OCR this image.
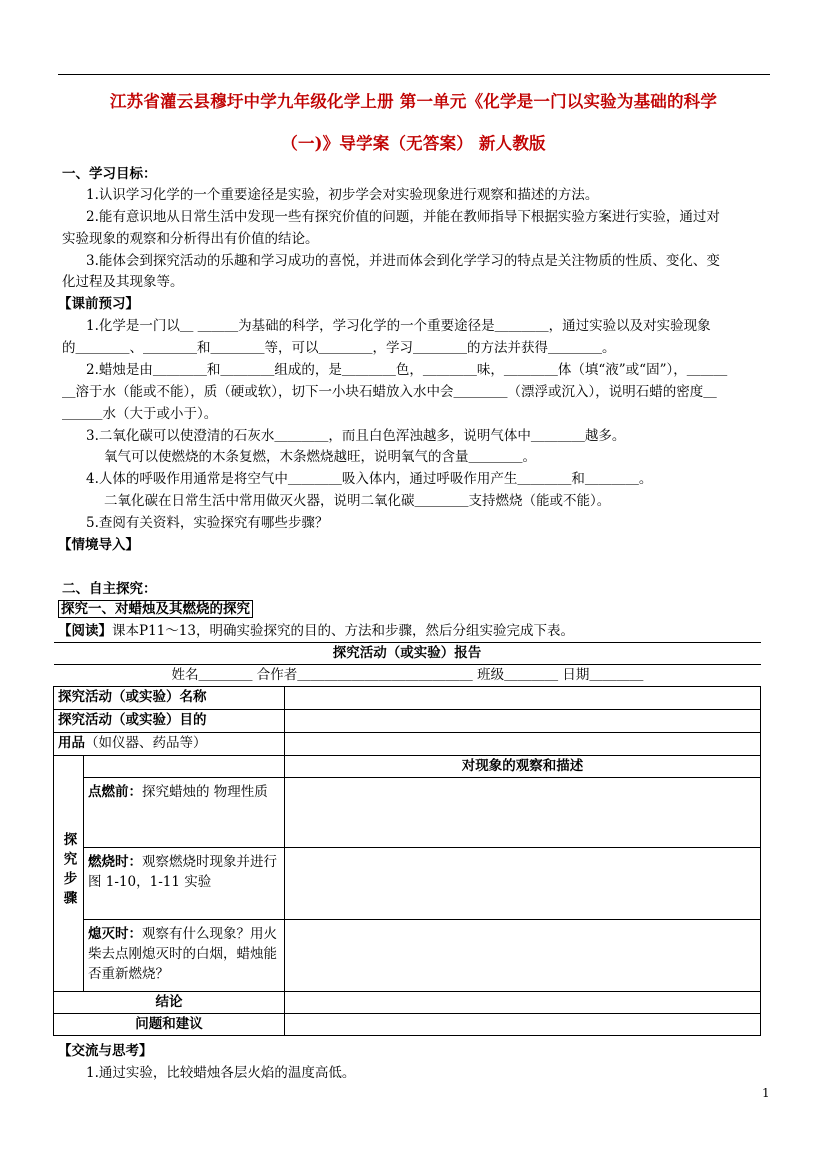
江苏省灌云县穆圩中学九年级化学上册 第一单元《化学是一门以实验为基础的科学
（一)》导学案（无答案） 新人教版
一、学习目标：
1.认识学习化学的一个重要途径是实验，初步学会对实验现象进行观察和描述的方法。
2.能有意识地从日常生活中发现一些有探究价值的问题，并能在教师指导下根据实验方案进行实验，通过对
实验现象的观察和分析得出有价值的结论。
3.能体会到探究活动的乐趣和学习成功的喜悦，并进而体会到化学学习的特点是关注物质的性质、变化、变
化过程及其现象等。
【课前预习】
1.化学是一门以＿ ＿＿＿为基础的科学，学习化学的一个重要途径是＿＿＿＿，通过实验以及对实验现象
的＿＿＿＿、＿＿＿＿和＿＿＿＿等，可以＿＿＿＿，学习＿＿＿＿的方法并获得＿＿＿＿。
2.蜡烛是由＿＿＿＿和＿＿＿＿组成的，是＿＿＿＿色，＿＿＿＿味，＿＿＿＿体（填“液”或“固”），＿＿＿
＿溶于水（能或不能），质（硬或软），切下一小块石蜡放入水中会＿＿＿＿（漂浮或沉入），说明石蜡的密度＿
＿＿＿水（大于或小于）。
3.二氧化碳可以使澄清的石灰水＿＿＿＿，而且白色浑浊越多，说明气体中＿＿＿＿越多。
氧气可以使燃烧的木条复燃，木条燃烧越旺，说明氧气的含量＿＿＿＿。
4.人体的呼吸作用通常是将空气中＿＿＿＿吸入体内，通过呼吸作用产生＿＿＿＿和＿＿＿＿。
二氧化碳在日常生活中常用做灭火器，说明二氧化碳＿＿＿＿支持燃烧（能或不能）。
5.查阅有关资料，实验探究有哪些步骤？
【情境导入】
二、自主探究：
探究一、对蜡烛及其燃烧的探究
【阅读】课本P11～13，明确实验探究的目的、方法和步骤，然后分组实验完成下表。
探究活动（或实验）报告		
姓名＿＿＿＿ 合作者＿＿＿＿＿＿＿＿＿＿＿＿＿ 班级＿＿＿＿ 日期＿＿＿＿		
探究活动（或实验）名称		
探究活动（或实验）目的		
用品（如仪器、药品等）		
探究步骤		对现象的观察和描述
	点燃前：探究蜡烛的 物理性质	
	燃烧时：观察燃烧时现象并进行图 1-10，1-11 实验	
	熄灭时：观察有什么现象？用火柴去点刚熄灭时的白烟，蜡烛能否重新燃烧？	
结论		
问题和建议		
【交流与思考】
1.通过实验，比较蜡烛各层火焰的温度高低。
1
